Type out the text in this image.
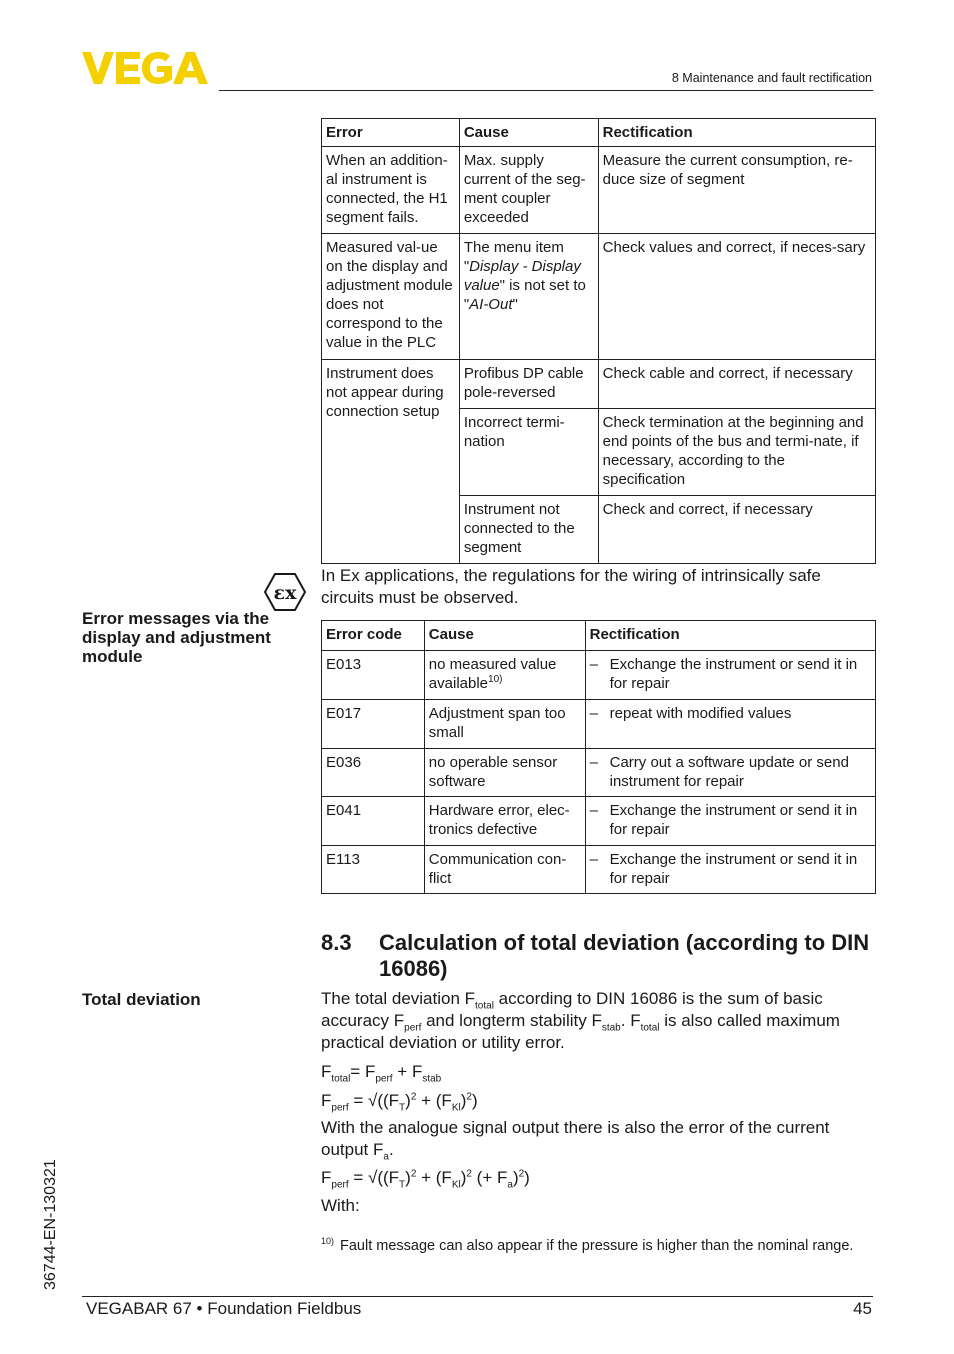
8 Maintenance and fault rectification
Error	Cause	Rectification
When an addition-al instrument is connected, the H1 segment fails.	Max. supply current of the seg-ment coupler exceeded	Measure the current consumption, re-duce size of segment
Measured val-ue on the display and adjustment module does not correspond to the value in the PLC	The menu item "Display - Display value" is not set to "AI-Out"	Check values and correct, if neces-sary
Instrument does not appear during connection setup	Profibus DP cable pole-reversed	Check cable and correct, if necessary
	Incorrect termi-nation	Check termination at the beginning and end points of the bus and termi-nate, if necessary, according to the specification
	Instrument not connected to the segment	Check and correct, if necessary
ɛx
In Ex applications, the regulations for the wiring of intrinsically safe circuits must be observed.
Error messages via the display and adjustment module
Error code	Cause	Rectification
E013	no measured value available$^{10)}$	– Exchange the instrument or send it in for repair

E017	Adjustment span too small	– repeat with modified values

E036	no operable sensor software	– Carry out a software update or send instrument for repair

E041	Hardware error, elec-tronics defective	– Exchange the instrument or send it in for repair

E113	Communication con-flict	– Exchange the instrument or send it in for repair
8.3 Calculation of total deviation (according to DIN 16086)
Total deviation	The total deviation $F_{total}$ according to DIN 16086 is the sum of basic accuracy $F_{perf}$ and longterm stability $F_{stab}$. $F_{total}$ is also called maximum practical deviation or utility error.
$F_{total}= F_{perf} + F_{stab}$
$F_{perf} = √((F_T)^2 + (F_{Kl})^2)$
With the analogue signal output there is also the error of the current output $F_a$.
$F_{perf} = √((F_T)^2 + (F_{Kl})^2$ (+ $F_a)^2$)
With:
10) Fault message can also appear if the pressure is higher than the nominal range.
VEGABAR 67 • Foundation Fieldbus	45
36744-EN-130321
